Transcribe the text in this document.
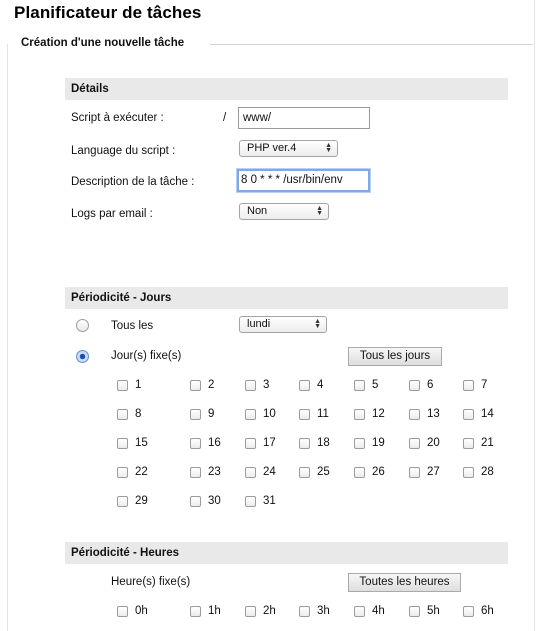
Planificateur de tâches
Création d'une nouvelle tâche
Détails
Script à exécuter :	/	www/
Language du script :	PHP ver.4	▲
▼
Description de la tâche :	8 0 * * * /usr/bin/env
Logs par email :	Non	▲
▼
Périodicité - Jours
Tous les	lundi	▲
▼
Jour(s) fixe(s)	Tous les jours
1	2	3	4	5	6	7
8	9	10	11	12	13	14
15	16	17	18	19	20	21
22	23	24	25	26	27	28
29	30	31
Périodicité - Heures
Heure(s) fixe(s)	Toutes les heures
0h	1h	2h	3h	4h	5h	6h
